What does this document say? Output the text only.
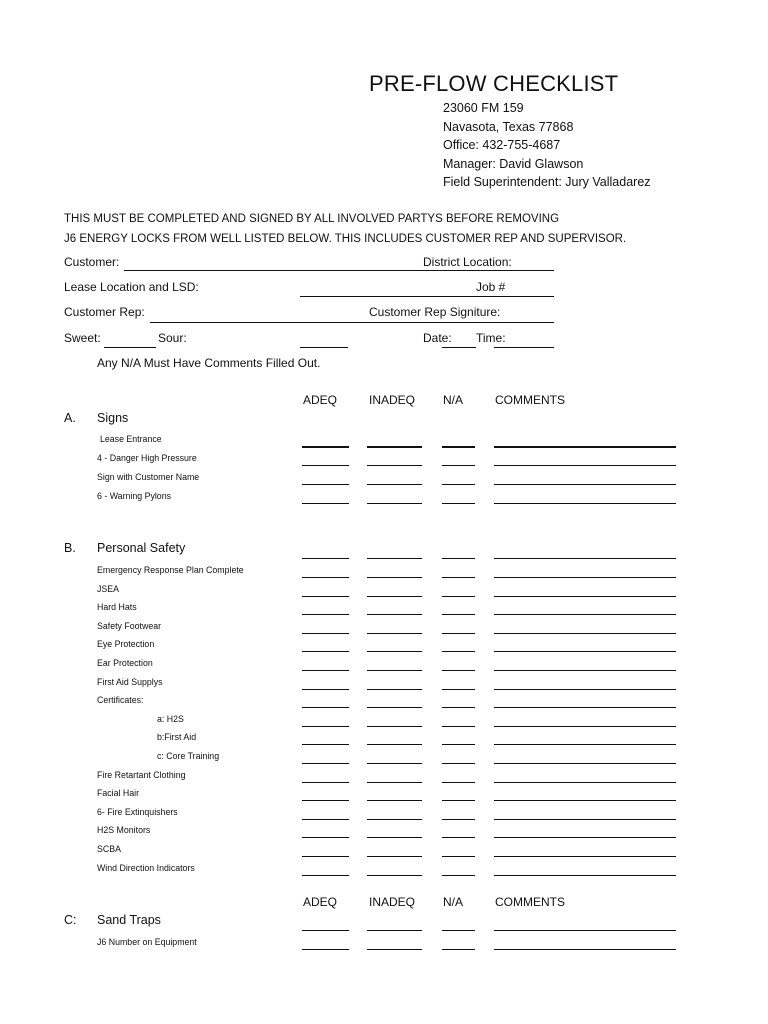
PRE-FLOW CHECKLIST
23060 FM 159
Navasota, Texas 77868
Office: 432-755-4687
Manager: David Glawson
Field Superintendent: Jury Valladarez
THIS MUST BE COMPLETED AND SIGNED BY ALL INVOLVED PARTYS BEFORE REMOVING
J6 ENERGY LOCKS FROM WELL LISTED BELOW. THIS INCLUDES CUSTOMER REP AND SUPERVISOR.
Customer:	District Location:
Lease Location and LSD:	Job #
Customer Rep:	Customer Rep Signiture:
Sweet:	Sour:	Date: Time:
Any N/A Must Have Comments Filled Out.
ADEQ	INADEQ N/A	COMMENTS
A. Signs
Lease Entrance
4 - Danger High Pressure
Sign with Customer Name
6 - Warning Pylons
B. Personal Safety
Emergency Response Plan Complete
JSEA
Hard Hats
Safety Footwear
Eye Protection
Ear Protection
First Aid Supplys
Certificates:
a: H2S
b:First Aid
c: Core Training
Fire Retartant Clothing
Facial Hair
6- Fire Extinquishers
H2S Monitors
SCBA
Wind Direction Indicators
ADEQ	INADEQ N/A	COMMENTS
C: Sand Traps
J6 Number on Equipment
